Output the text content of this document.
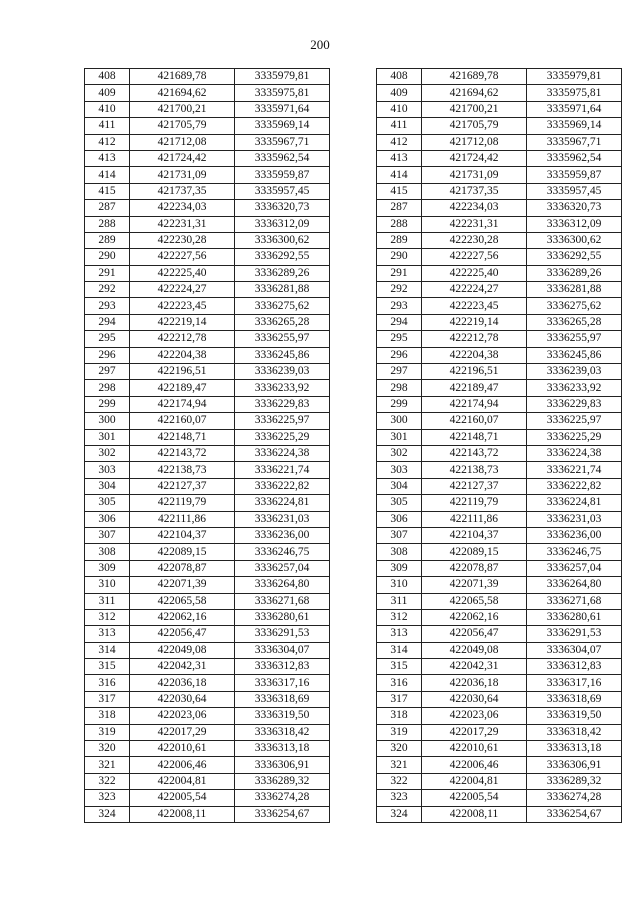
200
408	421689,78	3335979,81
409	421694,62	3335975,81
410	421700,21	3335971,64
411	421705,79	3335969,14
412	421712,08	3335967,71
413	421724,42	3335962,54
414	421731,09	3335959,87
415	421737,35	3335957,45
287	422234,03	3336320,73
288	422231,31	3336312,09
289	422230,28	3336300,62
290	422227,56	3336292,55
291	422225,40	3336289,26
292	422224,27	3336281,88
293	422223,45	3336275,62
294	422219,14	3336265,28
295	422212,78	3336255,97
296	422204,38	3336245,86
297	422196,51	3336239,03
298	422189,47	3336233,92
299	422174,94	3336229,83
300	422160,07	3336225,97
301	422148,71	3336225,29
302	422143,72	3336224,38
303	422138,73	3336221,74
304	422127,37	3336222,82
305	422119,79	3336224,81
306	422111,86	3336231,03
307	422104,37	3336236,00
308	422089,15	3336246,75
309	422078,87	3336257,04
310	422071,39	3336264,80
311	422065,58	3336271,68
312	422062,16	3336280,61
313	422056,47	3336291,53
314	422049,08	3336304,07
315	422042,31	3336312,83
316	422036,18	3336317,16
317	422030,64	3336318,69
318	422023,06	3336319,50
319	422017,29	3336318,42
320	422010,61	3336313,18
321	422006,46	3336306,91
322	422004,81	3336289,32
323	422005,54	3336274,28
324	422008,11	3336254,67
408	421689,78	3335979,81
409	421694,62	3335975,81
410	421700,21	3335971,64
411	421705,79	3335969,14
412	421712,08	3335967,71
413	421724,42	3335962,54
414	421731,09	3335959,87
415	421737,35	3335957,45
287	422234,03	3336320,73
288	422231,31	3336312,09
289	422230,28	3336300,62
290	422227,56	3336292,55
291	422225,40	3336289,26
292	422224,27	3336281,88
293	422223,45	3336275,62
294	422219,14	3336265,28
295	422212,78	3336255,97
296	422204,38	3336245,86
297	422196,51	3336239,03
298	422189,47	3336233,92
299	422174,94	3336229,83
300	422160,07	3336225,97
301	422148,71	3336225,29
302	422143,72	3336224,38
303	422138,73	3336221,74
304	422127,37	3336222,82
305	422119,79	3336224,81
306	422111,86	3336231,03
307	422104,37	3336236,00
308	422089,15	3336246,75
309	422078,87	3336257,04
310	422071,39	3336264,80
311	422065,58	3336271,68
312	422062,16	3336280,61
313	422056,47	3336291,53
314	422049,08	3336304,07
315	422042,31	3336312,83
316	422036,18	3336317,16
317	422030,64	3336318,69
318	422023,06	3336319,50
319	422017,29	3336318,42
320	422010,61	3336313,18
321	422006,46	3336306,91
322	422004,81	3336289,32
323	422005,54	3336274,28
324	422008,11	3336254,67
